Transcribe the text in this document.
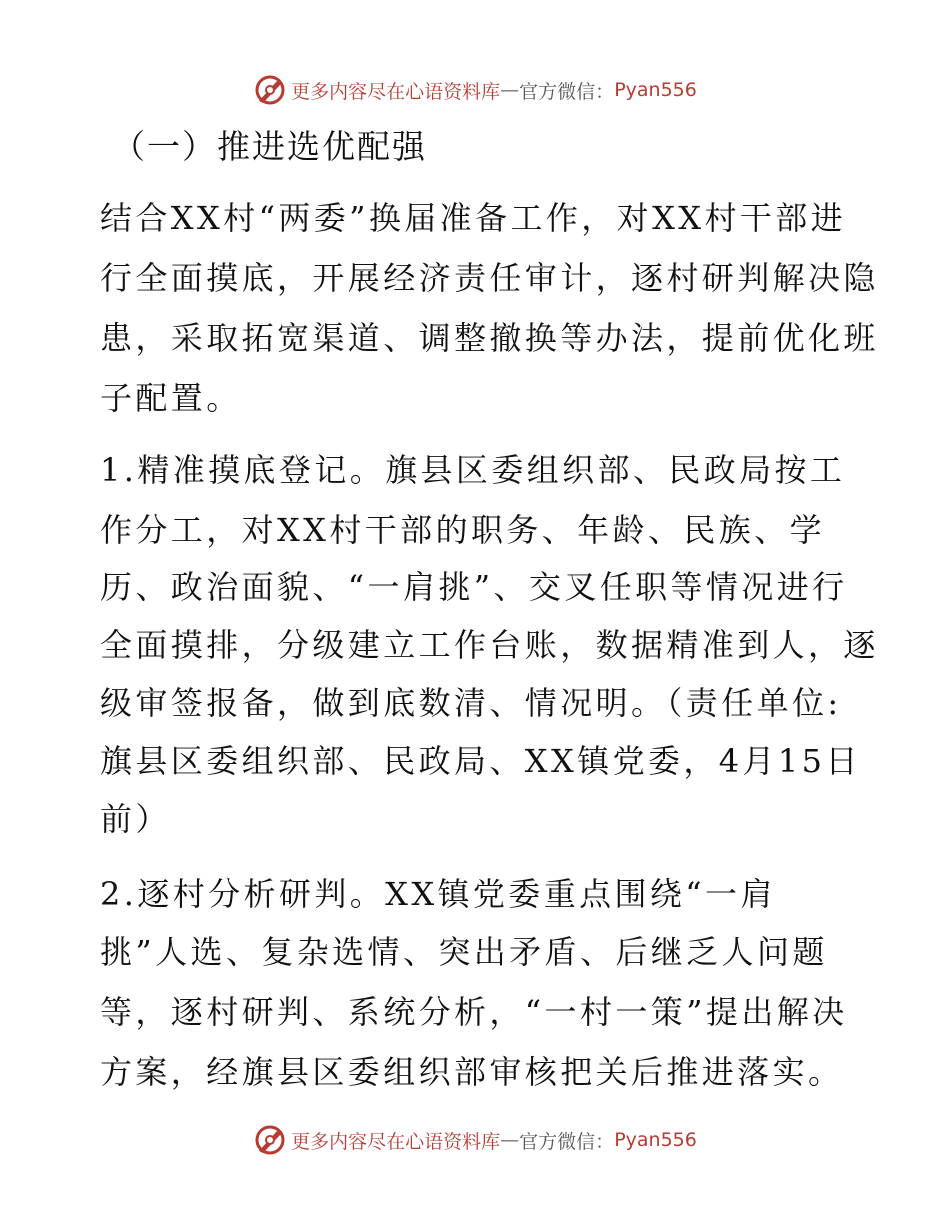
更多内容尽在心语资料库 — 官方微信： Pyan556
（一）推进选优配强
结合XX村“两委”换届准备工作，对XX村干部进
行全面摸底，开展经济责任审计，逐村研判解决隐
患，采取拓宽渠道、调整撤换等办法，提前优化班
子配置。
1.精准摸底登记。旗县区委组织部、民政局按工
作分工，对XX村干部的职务、年龄、民族、学
历、政治面貌、“一肩挑”、交叉任职等情况进行
全面摸排，分级建立工作台账，数据精准到人，逐
级审签报备，做到底数清、情况明。（责任单位:
旗县区委组织部、民政局、XX镇党委，4月15日
前）
2.逐村分析研判。XX镇党委重点围绕“一肩
挑”人选、复杂选情、突出矛盾、后继乏人问题
等，逐村研判、系统分析，“一村一策”提出解决
方案，经旗县区委组织部审核把关后推进落实。
更多内容尽在心语资料库 — 官方微信： Pyan556
